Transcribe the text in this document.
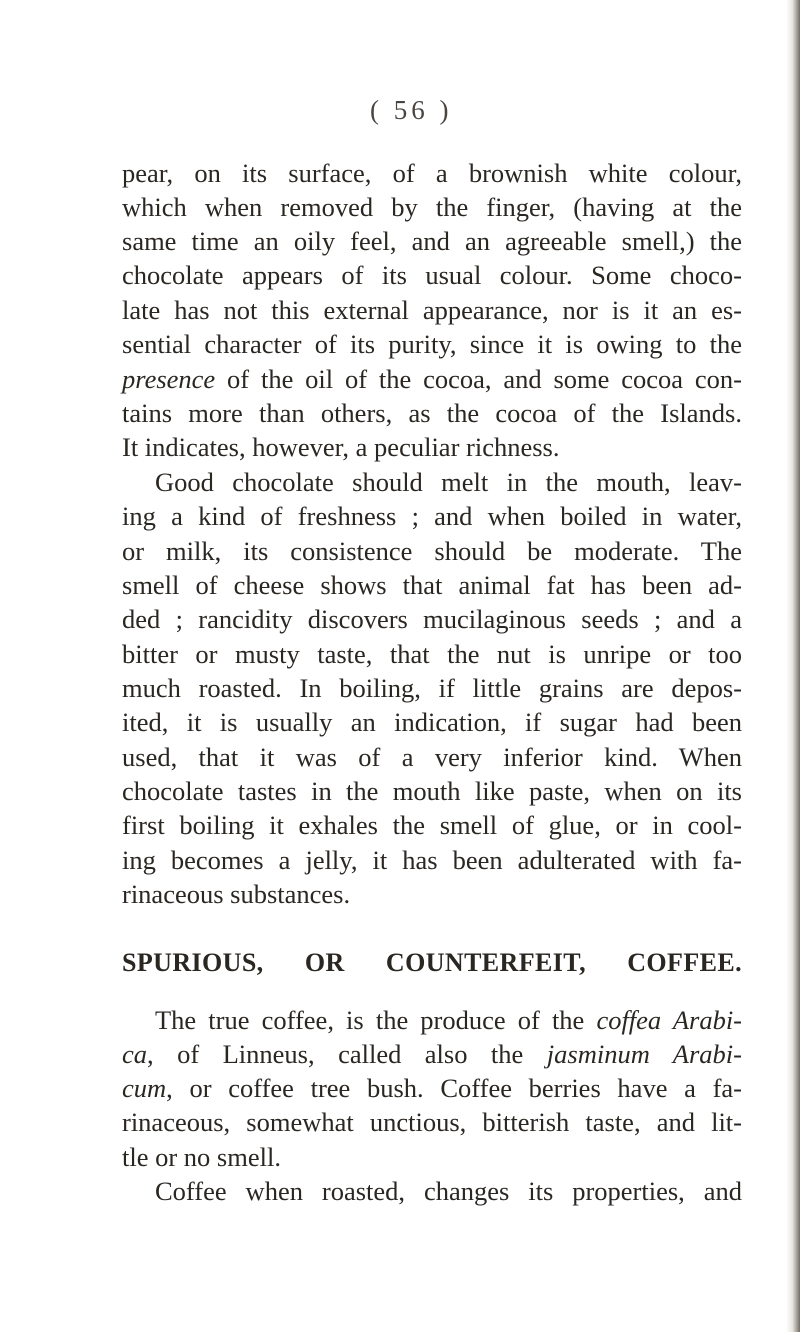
( 56 )
pear, on its surface, of a brownish white colour,
which when removed by the finger, (having at the
same time an oily feel, and an agreeable smell,) the
chocolate appears of its usual colour. Some choco-
late has not this external appearance, nor is it an es-
sential character of its purity, since it is owing to the
presence of the oil of the cocoa, and some cocoa con-
tains more than others, as the cocoa of the Islands.
It indicates, however, a peculiar richness.
Good chocolate should melt in the mouth, leav-
ing a kind of freshness ; and when boiled in water,
or milk, its consistence should be moderate. The
smell of cheese shows that animal fat has been ad-
ded ; rancidity discovers mucilaginous seeds ; and a
bitter or musty taste, that the nut is unripe or too
much roasted. In boiling, if little grains are depos-
ited, it is usually an indication, if sugar had been
used, that it was of a very inferior kind. When
chocolate tastes in the mouth like paste, when on its
first boiling it exhales the smell of glue, or in cool-
ing becomes a jelly, it has been adulterated with fa-
rinaceous substances.
SPURIOUS, OR COUNTERFEIT, COFFEE.
The true coffee, is the produce of the coffea Arabi-
ca, of Linneus, called also the jasminum Arabi-
cum, or coffee tree bush. Coffee berries have a fa-
rinaceous, somewhat unctious, bitterish taste, and lit-
tle or no smell.
Coffee when roasted, changes its properties, and
